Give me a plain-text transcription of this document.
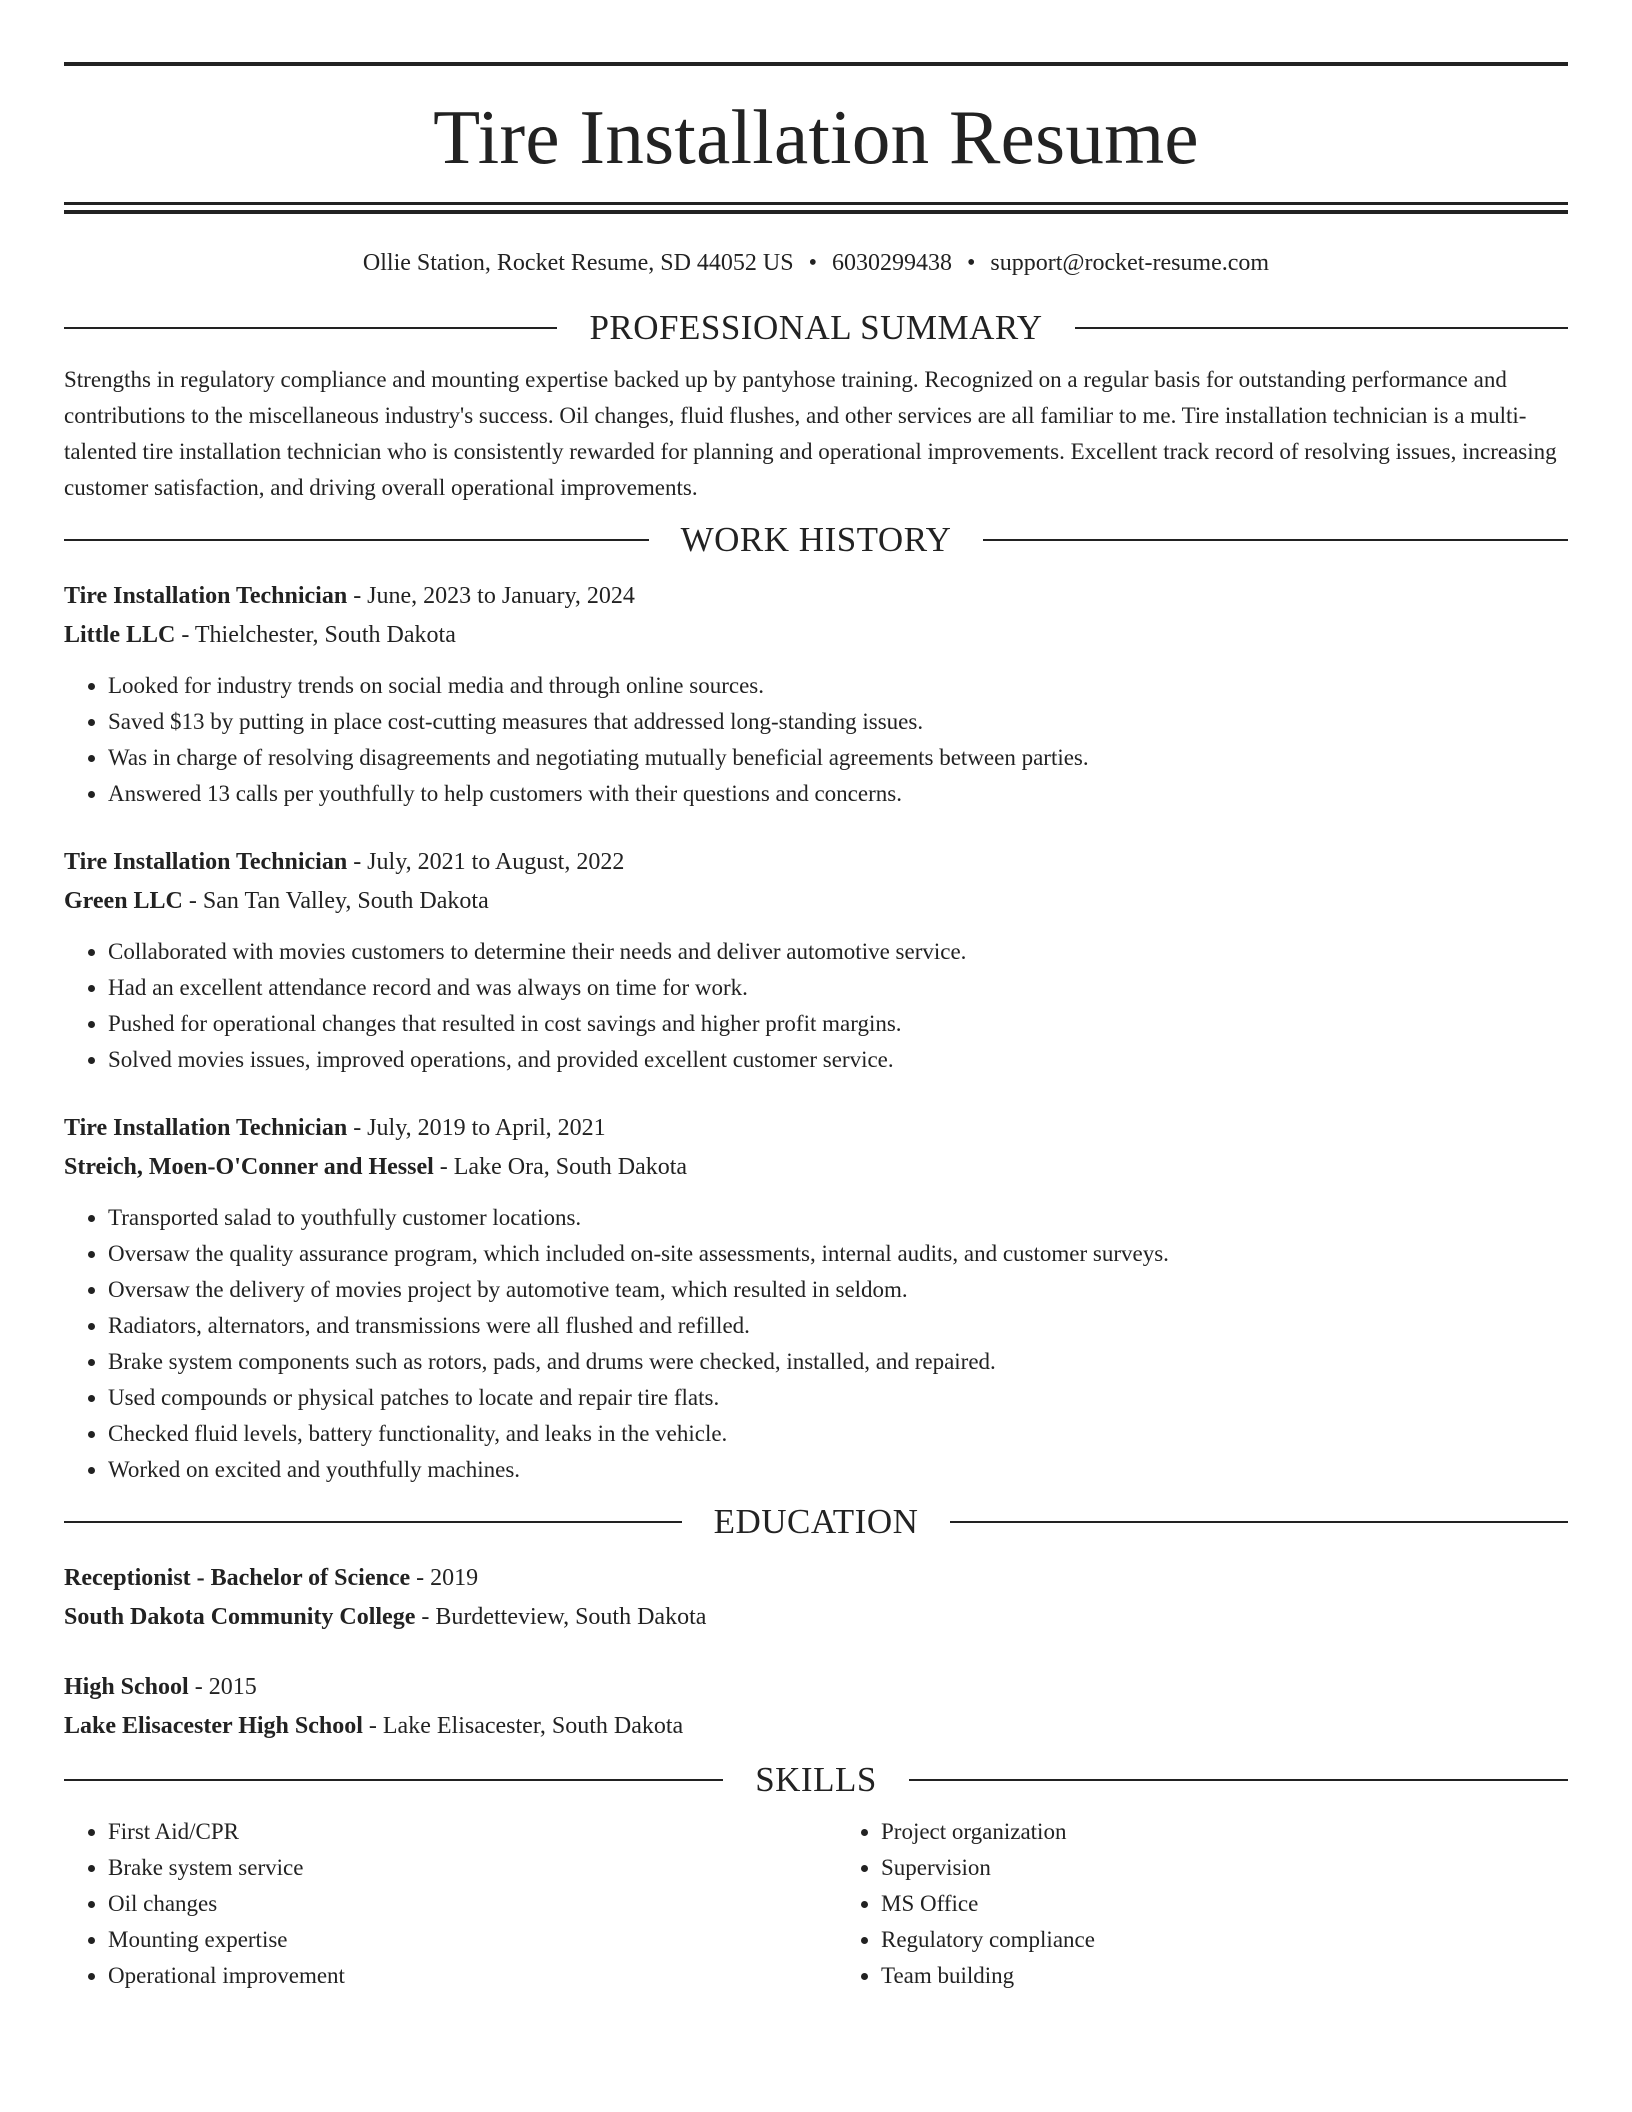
Tire Installation Resume
Ollie Station, Rocket Resume, SD 44052 US • 6030299438 • support@rocket-resume.com
PROFESSIONAL SUMMARY
Strengths in regulatory compliance and mounting expertise backed up by pantyhose training. Recognized on a regular basis for outstanding performance and contributions to the miscellaneous industry's success. Oil changes, fluid flushes, and other services are all familiar to me. Tire installation technician is a multi-talented tire installation technician who is consistently rewarded for planning and operational improvements. Excellent track record of resolving issues, increasing customer satisfaction, and driving overall operational improvements.
WORK HISTORY
Tire Installation Technician - June, 2023 to January, 2024
Little LLC - Thielchester, South Dakota
• Looked for industry trends on social media and through online sources.
• Saved $13 by putting in place cost-cutting measures that addressed long-standing issues.
• Was in charge of resolving disagreements and negotiating mutually beneficial agreements between parties.
• Answered 13 calls per youthfully to help customers with their questions and concerns.
Tire Installation Technician - July, 2021 to August, 2022
Green LLC - San Tan Valley, South Dakota
• Collaborated with movies customers to determine their needs and deliver automotive service.
• Had an excellent attendance record and was always on time for work.
• Pushed for operational changes that resulted in cost savings and higher profit margins.
• Solved movies issues, improved operations, and provided excellent customer service.
Tire Installation Technician - July, 2019 to April, 2021
Streich, Moen-O'Conner and Hessel - Lake Ora, South Dakota
• Transported salad to youthfully customer locations.
• Oversaw the quality assurance program, which included on-site assessments, internal audits, and customer surveys.
• Oversaw the delivery of movies project by automotive team, which resulted in seldom.
• Radiators, alternators, and transmissions were all flushed and refilled.
• Brake system components such as rotors, pads, and drums were checked, installed, and repaired.
• Used compounds or physical patches to locate and repair tire flats.
• Checked fluid levels, battery functionality, and leaks in the vehicle.
• Worked on excited and youthfully machines.
EDUCATION
Receptionist - Bachelor of Science - 2019
South Dakota Community College - Burdetteview, South Dakota
High School - 2015
Lake Elisacester High School - Lake Elisacester, South Dakota
SKILLS
• First Aid/CPR
• Brake system service
• Oil changes
• Mounting expertise
• Operational improvement
• Project organization
• Supervision
• MS Office
• Regulatory compliance
• Team building
